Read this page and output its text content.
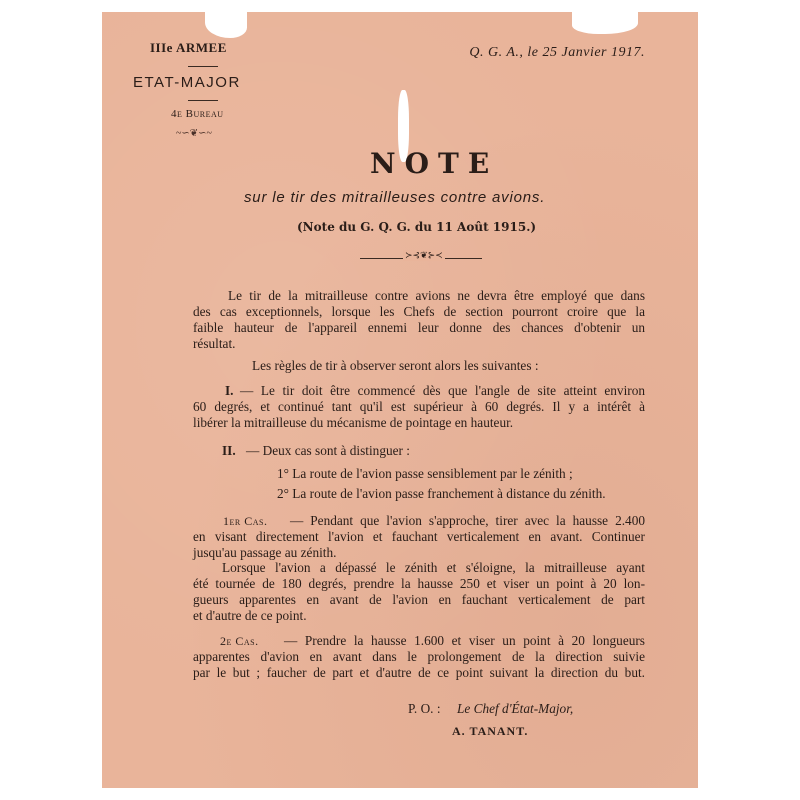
IIIe ARMEE
ETAT-MAJOR
4e Bureau
~∽❦∽~
Q. G. A., le 25 Janvier 1917.
NOTE
sur le tir des mitrailleuses contre avions.
(Note du G. Q. G. du 11 Août 1915.)
≻⊰❦⊱≺
Le tir de la mitrailleuse contre avions ne devra être employé que dans
des cas exceptionnels, lorsque les Chefs de section pourront croire que la
faible hauteur de l'appareil ennemi leur donne des chances d'obtenir un
résultat.
Les règles de tir à observer seront alors les suivantes :
I. — Le tir doit être commencé dès que l'angle de site atteint environ
60 degrés, et continué tant qu'il est supérieur à 60 degrés. Il y a intérêt à
libérer la mitrailleuse du mécanisme de pointage en hauteur.
II. — Deux cas sont à distinguer :
1° La route de l'avion passe sensiblement par le zénith ;
2° La route de l'avion passe franchement à distance du zénith.
1er Cas. — Pendant que l'avion s'approche, tirer avec la hausse 2.400
en visant directement l'avion et fauchant verticalement en avant. Continuer
jusqu'au passage au zénith.
Lorsque l'avion a dépassé le zénith et s'éloigne, la mitrailleuse ayant
été tournée de 180 degrés, prendre la hausse 250 et viser un point à 20 lon-
gueurs apparentes en avant de l'avion en fauchant verticalement de part
et d'autre de ce point.
2e Cas. — Prendre la hausse 1.600 et viser un point à 20 longueurs
apparentes d'avion en avant dans le prolongement de la direction suivie
par le but ; faucher de part et d'autre de ce point suivant la direction du but.
P. O. : Le Chef d'État-Major,
A. TANANT.
